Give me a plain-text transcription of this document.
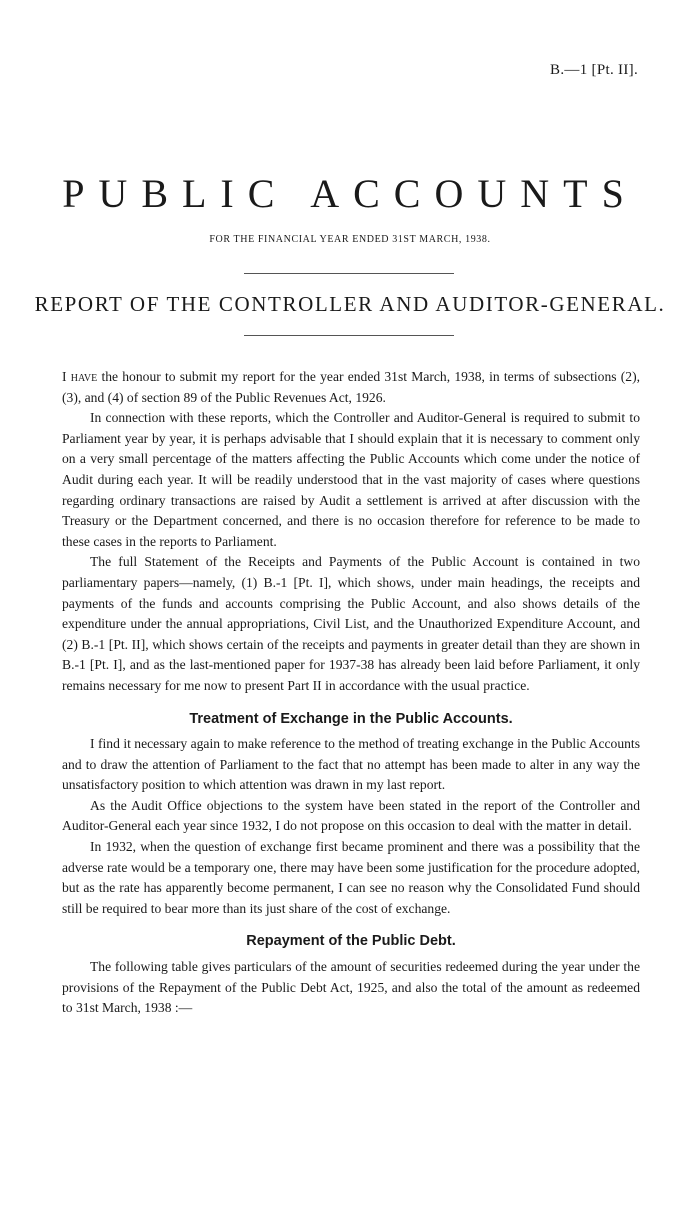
B.—1 [Pt. II].
PUBLIC ACCOUNTS
FOR THE FINANCIAL YEAR ENDED 31ST MARCH, 1938.
REPORT OF THE CONTROLLER AND AUDITOR-GENERAL.

I have the honour to submit my report for the year ended 31st March, 1938, in terms of subsections (2), (3), and (4) of section 89 of the Public Revenues Act, 1926.

In connection with these reports, which the Controller and Auditor-General is required to submit to Parliament year by year, it is perhaps advisable that I should explain that it is necessary to comment only on a very small percentage of the matters affecting the Public Accounts which come under the notice of Audit during each year. It will be readily understood that in the vast majority of cases where questions regarding ordinary transactions are raised by Audit a settlement is arrived at after discussion with the Treasury or the Department concerned, and there is no occasion therefore for reference to be made to these cases in the reports to Parliament.

The full Statement of the Receipts and Payments of the Public Account is contained in two parliamentary papers—namely, (1) B.-1 [Pt. I], which shows, under main headings, the receipts and payments of the funds and accounts comprising the Public Account, and also shows details of the expenditure under the annual appropriations, Civil List, and the Unauthorized Expenditure Account, and (2) B.-1 [Pt. II], which shows certain of the receipts and payments in greater detail than they are shown in B.-1 [Pt. I], and as the last-mentioned paper for 1937-38 has already been laid before Parliament, it only remains necessary for me now to present Part II in accordance with the usual practice.

Treatment of Exchange in the Public Accounts.

I find it necessary again to make reference to the method of treating exchange in the Public Accounts and to draw the attention of Parliament to the fact that no attempt has been made to alter in any way the unsatisfactory position to which attention was drawn in my last report.

As the Audit Office objections to the system have been stated in the report of the Controller and Auditor-General each year since 1932, I do not propose on this occasion to deal with the matter in detail.

In 1932, when the question of exchange first became prominent and there was a possibility that the adverse rate would be a temporary one, there may have been some justification for the procedure adopted, but as the rate has apparently become permanent, I can see no reason why the Consolidated Fund should still be required to bear more than its just share of the cost of exchange.

Repayment of the Public Debt.

The following table gives particulars of the amount of securities redeemed during the year under the provisions of the Repayment of the Public Debt Act, 1925, and also the total of the amount as redeemed to 31st March, 1938 :—
